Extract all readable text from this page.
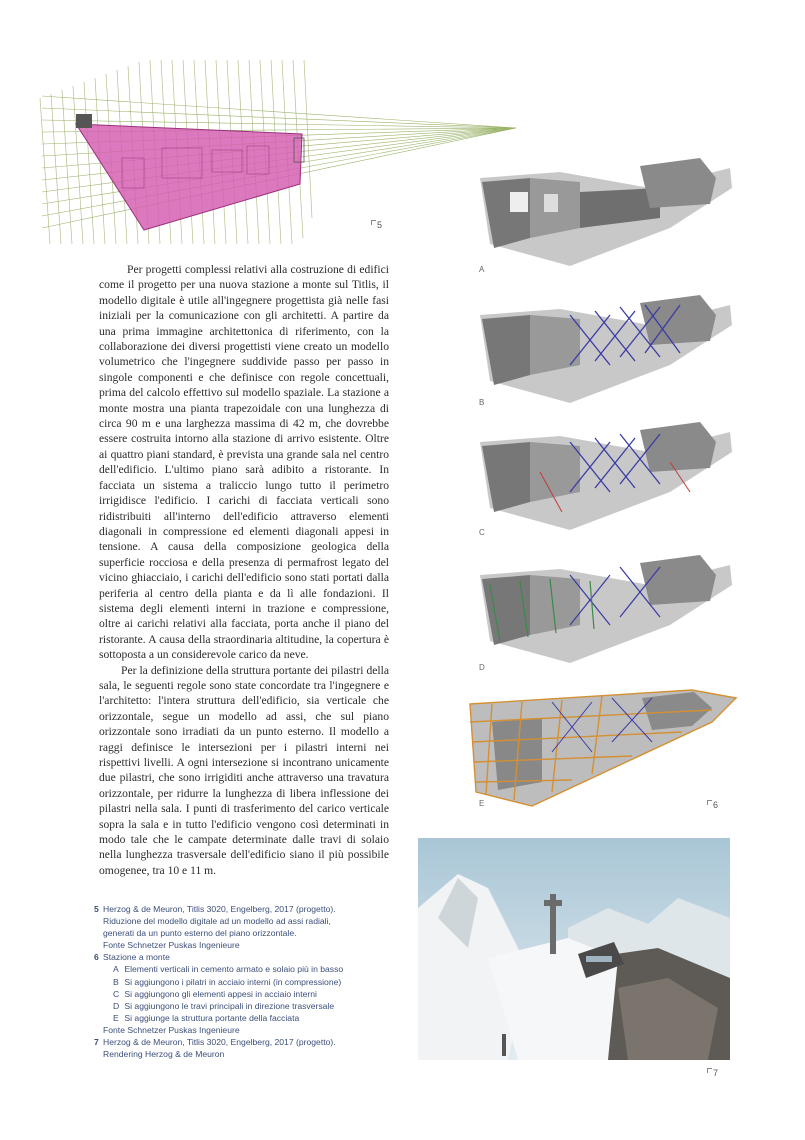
5
A
B
C
D
E	6

Per progetti complessi relativi alla costruzione di edifici come il progetto per una nuova stazione a monte sul Titlis, il modello digitale è utile all'ingegnere progettista già nelle fasi iniziali per la comunicazione con gli architetti. A partire da una prima immagine architettonica di riferimento, con la collaborazione dei diversi progettisti viene creato un modello volumetrico che l'ingegnere suddivide passo per passo in singole componenti e che definisce con regole concettuali, prima del calcolo effettivo sul modello spaziale. La stazione a monte mostra una pianta trapezoidale con una lunghezza di circa 90 m e una larghezza massima di 42 m, che dovrebbe essere costruita intorno alla stazione di arrivo esistente. Oltre ai quattro piani standard, è prevista una grande sala nel centro dell'edificio. L'ultimo piano sarà adibito a ristorante. In facciata un sistema a traliccio lungo tutto il perimetro irrigidisce l'edificio. I carichi di facciata verticali sono ridistribuiti all'interno dell'edificio attraverso elementi diagonali in compressione ed elementi diagonali appesi in tensione. A causa della composizione geologica della superficie rocciosa e della presenza di permafrost legato del vicino ghiacciaio, i carichi dell'edificio sono stati portati dalla periferia al centro della pianta e da lì alle fondazioni. Il sistema degli elementi interni in trazione e compressione, oltre ai carichi relativi alla facciata, porta anche il piano del ristorante. A causa della straordinaria altitudine, la copertura è sottoposta a un considerevole carico da neve.

Per la definizione della struttura portante dei pilastri della sala, le seguenti regole sono state concordate tra l'ingegnere e l'architetto: l'intera struttura dell'edificio, sia verticale che orizzontale, segue un modello ad assi, che sul piano orizzontale sono irradiati da un punto esterno. Il modello a raggi definisce le intersezioni per i pilastri interni nei rispettivi livelli. A ogni intersezione si incontrano unicamente due pilastri, che sono irrigiditi anche attraverso una travatura orizzontale, per ridurre la lunghezza di libera inflessione dei pilastri nella sala. I punti di trasferimento del carico verticale sopra la sala e in tutto l'edificio vengono così determinati in modo tale che le campate determinate dalle travi di solaio nella lunghezza trasversale dell'edificio siano il più possibile omogenee, tra 10 e 11 m.

7
5 Herzog & de Meuron, Titlis 3020, Engelberg, 2017 (progetto).
Riduzione del modello digitale ad un modello ad assi radiali,
generati da un punto esterno del piano orizzontale.
Fonte Schnetzer Puskas Ingenieure
6 Stazione a monte
A Elementi verticali in cemento armato e solaio più in basso
B Si aggiungono i pilatri in acciaio interni (in compressione)
C Si aggiungono gli elementi appesi in acciaio interni
D Si aggiungono le travi principali in direzione trasversale
E Si aggiunge la struttura portante della facciata
Fonte Schnetzer Puskas Ingenieure
7 Herzog & de Meuron, Titlis 3020, Engelberg, 2017 (progetto).
Rendering Herzog & de Meuron
